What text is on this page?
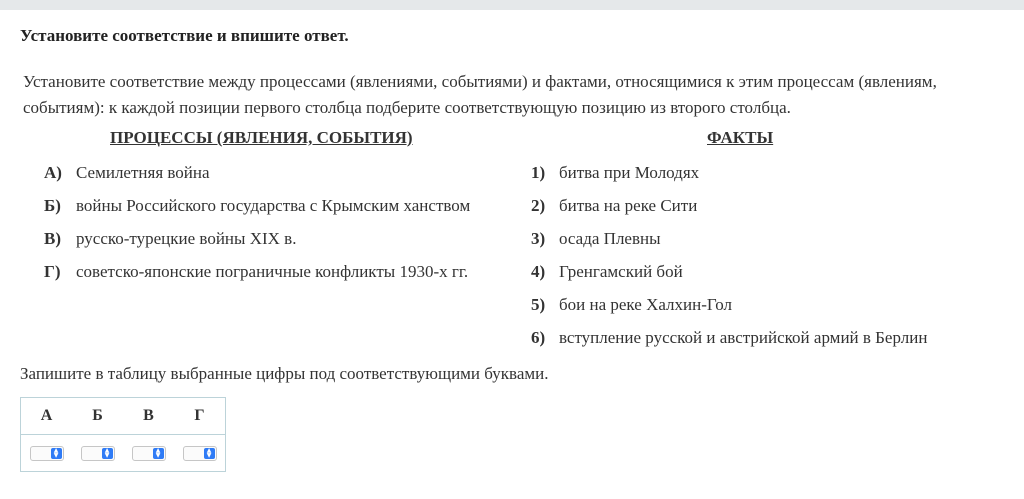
Установите соответствие и впишите ответ.
Установите соответствие между процессами (явлениями, событиями) и фактами, относящимися к этим процессам (явлениям, событиям): к каждой позиции первого столбца подберите соответствующую позицию из второго столбца.
ПРОЦЕССЫ (ЯВЛЕНИЯ, СОБЫТИЯ)	ФАКТЫ
А) Семилетняя война
Б) войны Российского государства с Крымским ханством
В) русско-турецкие войны XIX в.
Г) советско-японские пограничные конфликты 1930-х гг.
1) битва при Молодях
2) битва на реке Сити
3) осада Плевны
4) Гренгамский бой
5) бои на реке Халхин-Гол
6) вступление русской и австрийской армий в Берлин
Запишите в таблицу выбранные цифры под соответствующими буквами.
А	Б	В	Г

▲
▼	▲
▼	▲
▼	▲
▼
